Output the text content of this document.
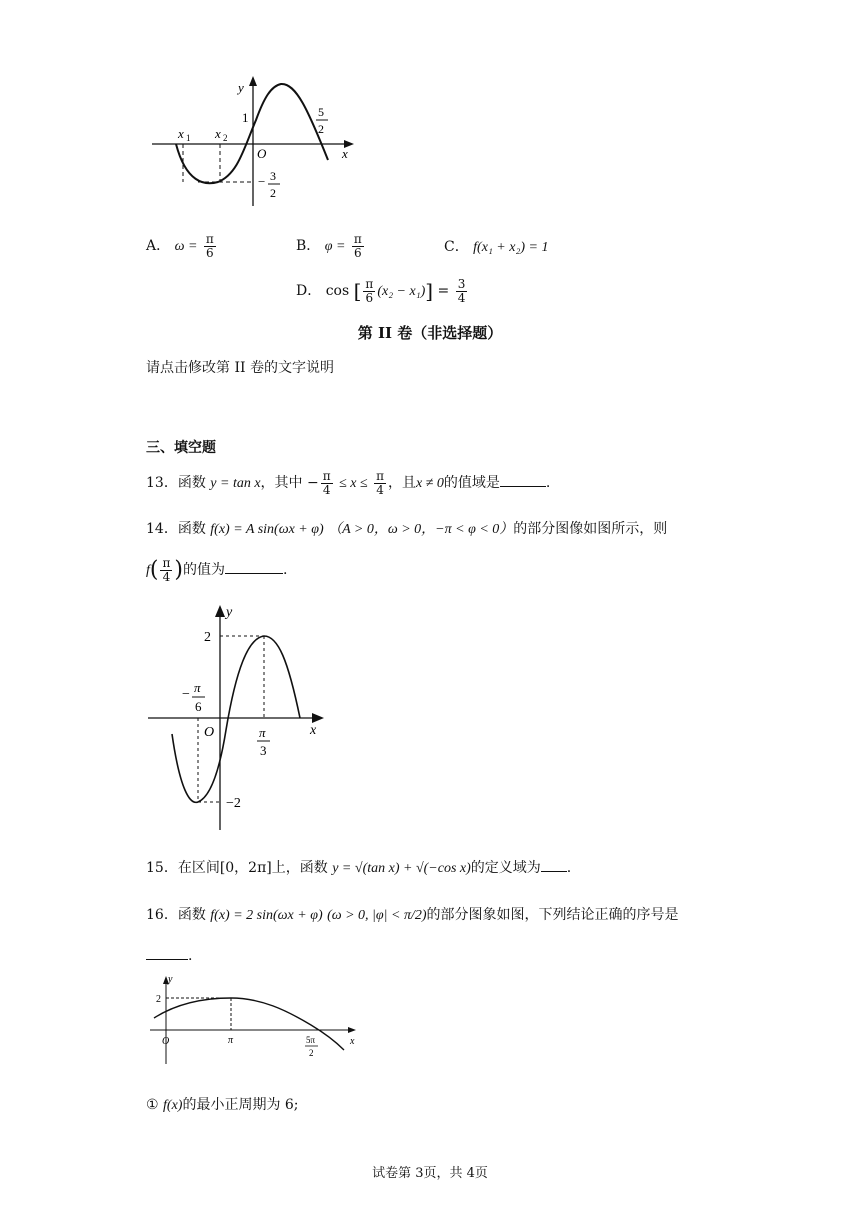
y
x
O
1
x 1 x 2
5
2
− 3
2
A． $\omega = \frac{\pi}{6}$	B． $\varphi = \frac{\pi}{6}$	C． f(x₁ + x₂) = 1
D． cos [ $\frac{\pi}{6} (x_2 - x_1)] = \frac{3}{4}$
第 II 卷（非选择题）
请点击修改第 II 卷的文字说明
三、填空题
13．函数 y = tan x，其中 − $\frac{\pi}{4} \le x \le \frac{\pi}{4}$ ，且x ≠ 0的值域是	.
14．函数 f(x) = A sin(ωx + φ) （A > 0，ω > 0，−π < φ < 0）的部分图像如图所示，则
$f( \frac{\pi}{4}$ )的值为	.
y
x
O
2
−2
− π
6
π
3
15．在区间[0，2π]上，函数 y = √(tan x) + √(−cos x)的定义域为 .
16．函数 f(x) = 2 sin(ωx + φ) (ω > 0, |φ| < π/2)的部分图象如图，下列结论正确的序号是
.
y
x
O
2
π	5π
2
① f(x)的最小正周期为 6;
试卷第 3页，共 4页
